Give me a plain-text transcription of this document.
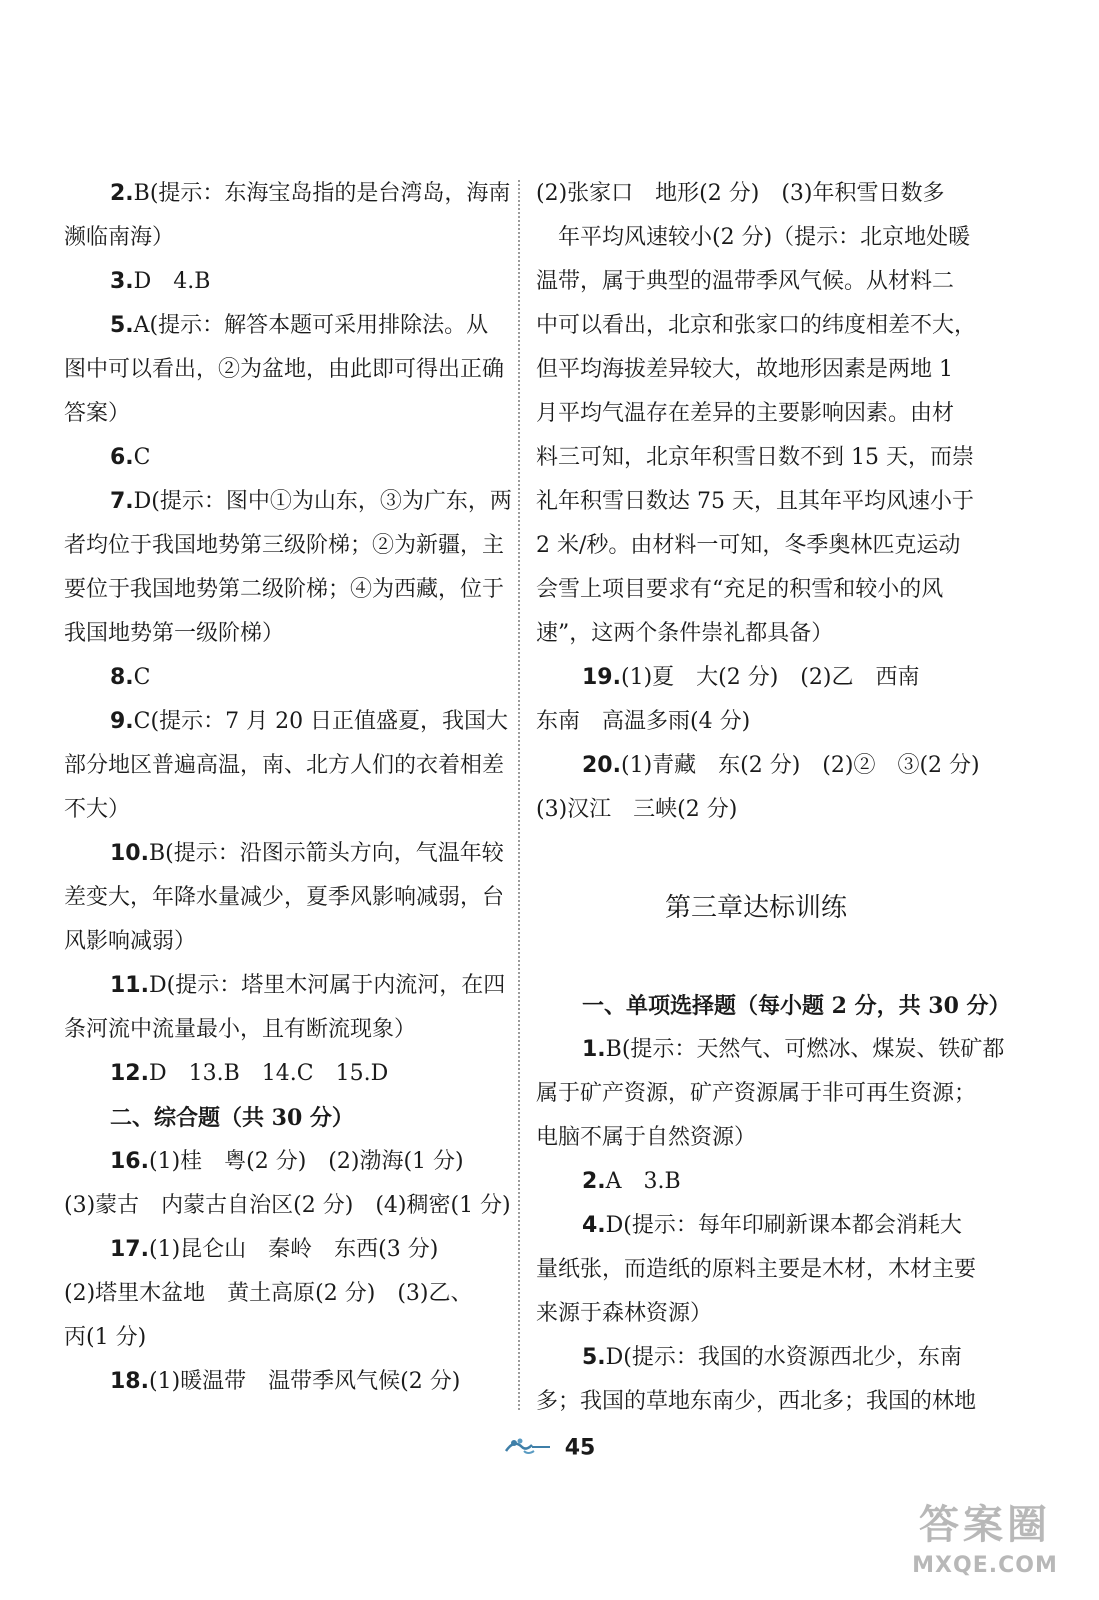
2.B(提示：东海宝岛指的是台湾岛，海南
濒临南海）
3.D　4.B
5.A(提示：解答本题可采用排除法。从
图中可以看出，②为盆地，由此即可得出正确
答案）
6.C
7.D(提示：图中①为山东，③为广东，两
者均位于我国地势第三级阶梯；②为新疆，主
要位于我国地势第二级阶梯；④为西藏，位于
我国地势第一级阶梯）
8.C
9.C(提示：7 月 20 日正值盛夏，我国大
部分地区普遍高温，南、北方人们的衣着相差
不大）
10.B(提示：沿图示箭头方向，气温年较
差变大，年降水量减少，夏季风影响减弱，台
风影响减弱）
11.D(提示：塔里木河属于内流河，在四
条河流中流量最小，且有断流现象）
12.D　13.B　14.C　15.D
二、综合题（共 30 分）
16.(1)桂　粤(2 分)　(2)渤海(1 分)
(3)蒙古　内蒙古自治区(2 分)　(4)稠密(1 分)
17.(1)昆仑山　秦岭　东西(3 分)
(2)塔里木盆地　黄土高原(2 分)　(3)乙、
丙(1 分)
18.(1)暖温带　温带季风气候(2 分)
(2)张家口　地形(2 分)　(3)年积雪日数多
年平均风速较小(2 分)（提示：北京地处暖
温带，属于典型的温带季风气候。从材料二
中可以看出，北京和张家口的纬度相差不大，
但平均海拔差异较大，故地形因素是两地 1
月平均气温存在差异的主要影响因素。由材
料三可知，北京年积雪日数不到 15 天，而崇
礼年积雪日数达 75 天，且其年平均风速小于
2 米/秒。由材料一可知，冬季奥林匹克运动
会雪上项目要求有“充足的积雪和较小的风
速”，这两个条件崇礼都具备）
19.(1)夏　大(2 分)　(2)乙　西南
东南　高温多雨(4 分)
20.(1)青藏　东(2 分)　(2)②　③(2 分)
(3)汉江　三峡(2 分)
第三章达标训练
一、单项选择题（每小题 2 分，共 30 分）
1.B(提示：天然气、可燃冰、煤炭、铁矿都
属于矿产资源，矿产资源属于非可再生资源；
电脑不属于自然资源）
2.A　3.B
4.D(提示：每年印刷新课本都会消耗大
量纸张，而造纸的原料主要是木材，木材主要
来源于森林资源）
5.D(提示：我国的水资源西北少，东南
多；我国的草地东南少，西北多；我国的林地
45
答案圈
MXQE.COM
